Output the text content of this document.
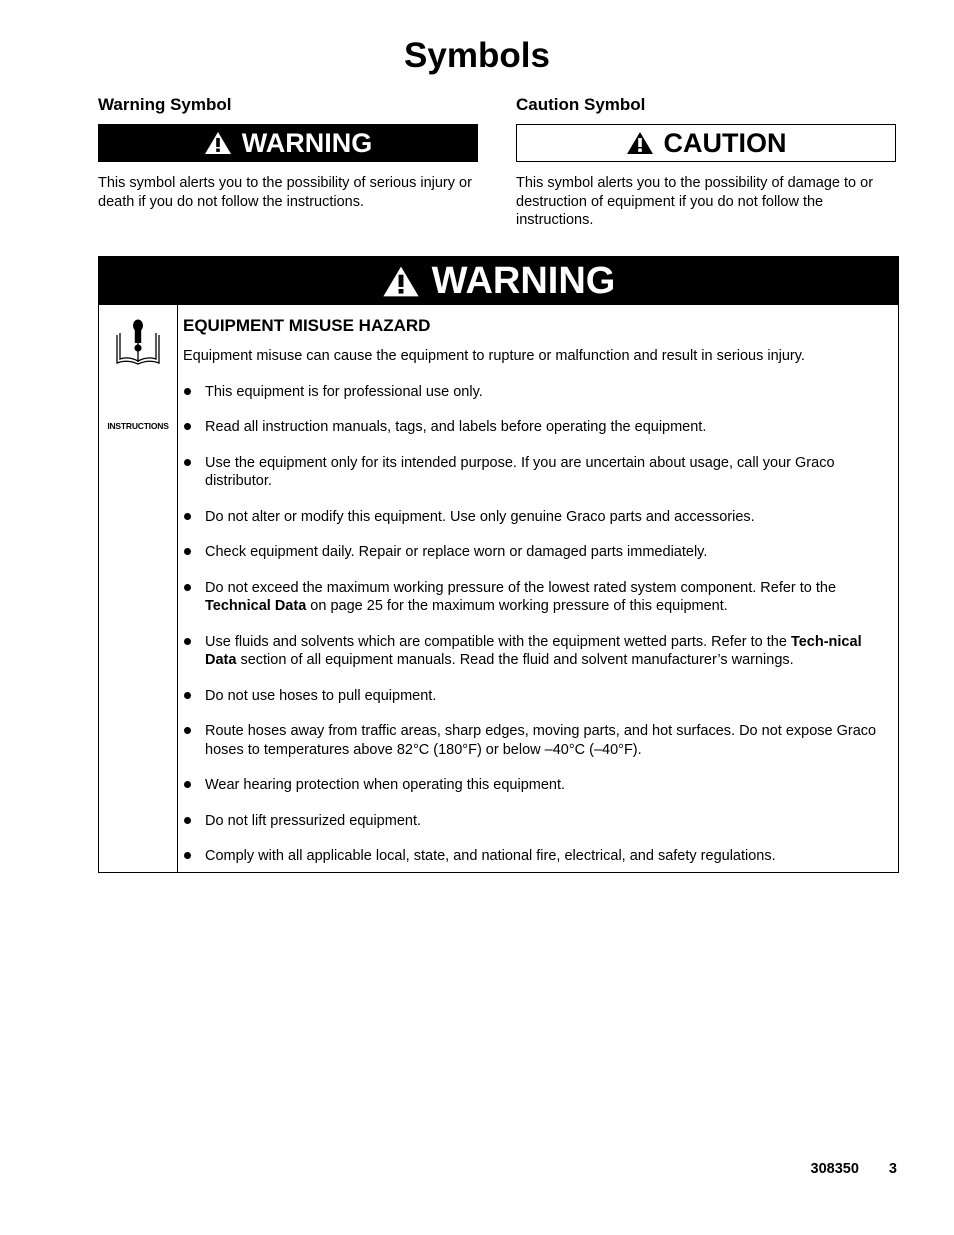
Symbols
Warning Symbol
WARNING

This symbol alerts you to the possibility of serious injury or death if you do not follow the instructions.

Caution Symbol
CAUTION

This symbol alerts you to the possibility of damage to or destruction of equipment if you do not follow the instructions.

WARNING
INSTRUCTIONS
EQUIPMENT MISUSE HAZARD

Equipment misuse can cause the equipment to rupture or malfunction and result in serious injury.

This equipment is for professional use only.
Read all instruction manuals, tags, and labels before operating the equipment.
Use the equipment only for its intended purpose. If you are uncertain about usage, call your Graco distributor.
Do not alter or modify this equipment. Use only genuine Graco parts and accessories.
Check equipment daily. Repair or replace worn or damaged parts immediately.
Do not exceed the maximum working pressure of the lowest rated system component. Refer to the Technical Data on page 25 for the maximum working pressure of this equipment.
Use fluids and solvents which are compatible with the equipment wetted parts. Refer to the Tech-nical Data section of all equipment manuals. Read the fluid and solvent manufacturer’s warnings.
Do not use hoses to pull equipment.
Route hoses away from traffic areas, sharp edges, moving parts, and hot surfaces. Do not expose Graco hoses to temperatures above 82°C (180°F) or below –40°C (–40°F).
Wear hearing protection when operating this equipment.
Do not lift pressurized equipment.
Comply with all applicable local, state, and national fire, electrical, and safety regulations.
308350 3
